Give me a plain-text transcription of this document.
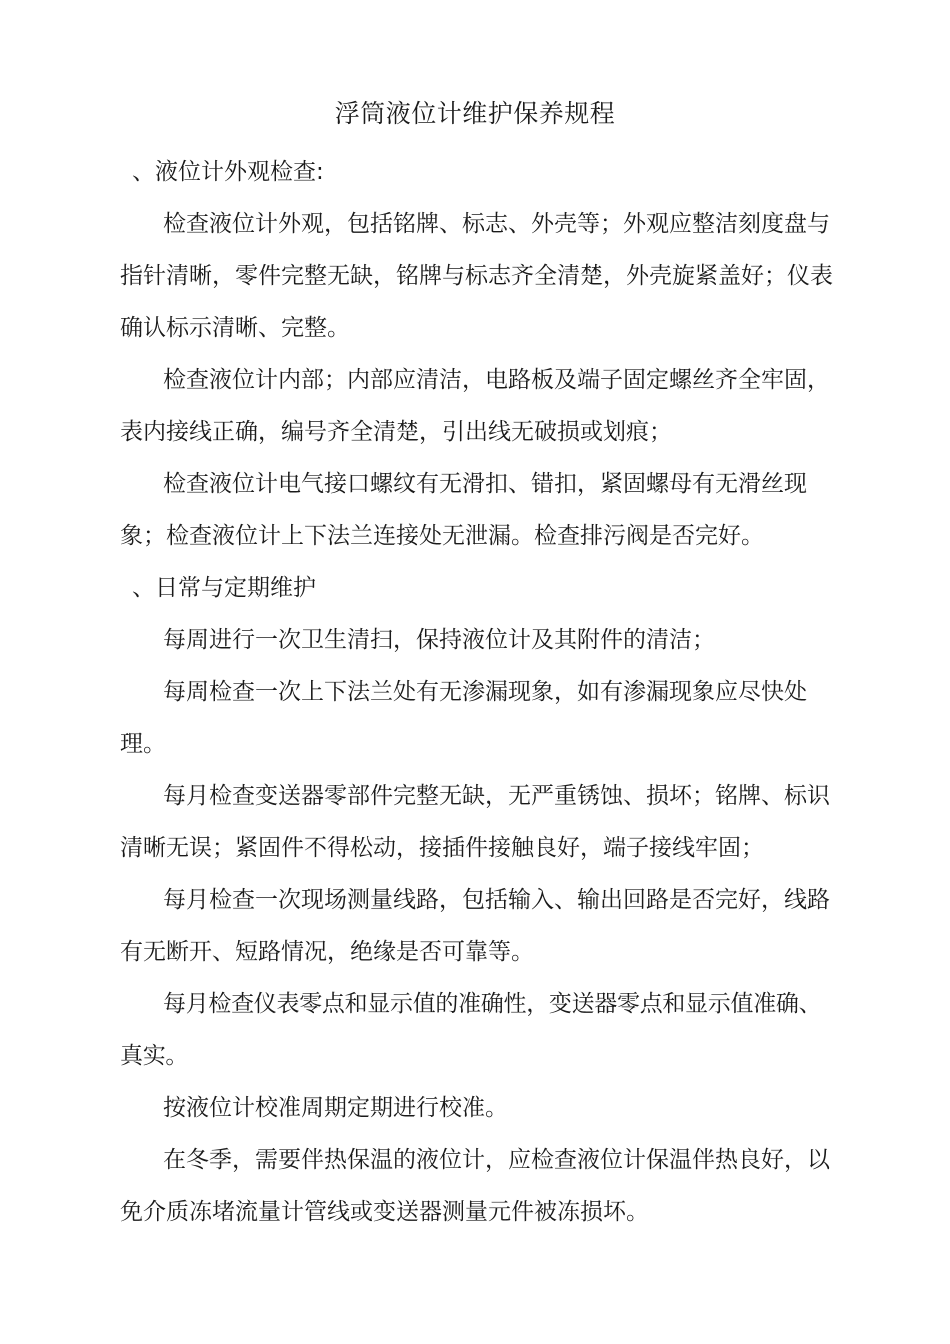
浮筒液位计维护保养规程

、液位计外观检查:

检查液位计外观，包括铭牌、标志、外壳等；外观应整洁刻度盘与指针清晰，零件完整无缺，铭牌与标志齐全清楚，外壳旋紧盖好；仪表确认标示清晰、完整。

检查液位计内部；内部应清洁，电路板及端子固定螺丝齐全牢固，表内接线正确，编号齐全清楚，引出线无破损或划痕；

检查液位计电气接口螺纹有无滑扣、错扣，紧固螺母有无滑丝现象；检查液位计上下法兰连接处无泄漏。检查排污阀是否完好。

、日常与定期维护

每周进行一次卫生清扫，保持液位计及其附件的清洁；

每周检查一次上下法兰处有无渗漏现象，如有渗漏现象应尽快处理。

每月检查变送器零部件完整无缺，无严重锈蚀、损坏；铭牌、标识清晰无误；紧固件不得松动，接插件接触良好，端子接线牢固；

每月检查一次现场测量线路，包括输入、输出回路是否完好，线路有无断开、短路情况，绝缘是否可靠等。

每月检查仪表零点和显示值的准确性，变送器零点和显示值准确、真实。

按液位计校准周期定期进行校准。

在冬季，需要伴热保温的液位计，应检查液位计保温伴热良好，以免介质冻堵流量计管线或变送器测量元件被冻损坏。
